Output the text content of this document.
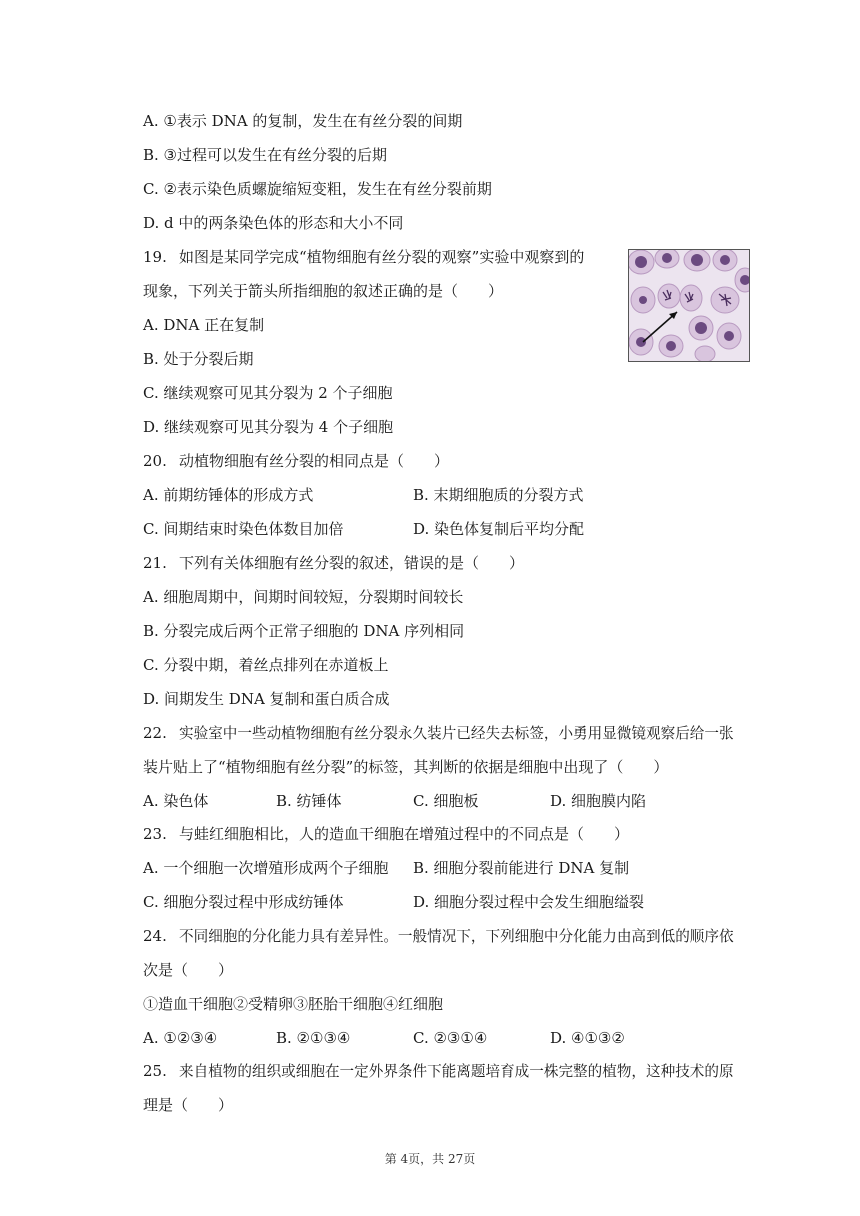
A. ①表示 DNA 的复制，发生在有丝分裂的间期
B. ③过程可以发生在有丝分裂的后期
C. ②表示染色质螺旋缩短变粗，发生在有丝分裂前期
D. d 中的两条染色体的形态和大小不同
19. 如图是某同学完成“植物细胞有丝分裂的观察”实验中观察到的
现象，下列关于箭头所指细胞的叙述正确的是（　　）
A. DNA 正在复制
B. 处于分裂后期
C. 继续观察可见其分裂为 2 个子细胞
D. 继续观察可见其分裂为 4 个子细胞
20. 动植物细胞有丝分裂的相同点是（　　）
A. 前期纺锤体的形成方式	B. 末期细胞质的分裂方式
C. 间期结束时染色体数目加倍	D. 染色体复制后平均分配
21. 下列有关体细胞有丝分裂的叙述，错误的是（　　）
A. 细胞周期中，间期时间较短，分裂期时间较长
B. 分裂完成后两个正常子细胞的 DNA 序列相同
C. 分裂中期，着丝点排列在赤道板上
D. 间期发生 DNA 复制和蛋白质合成
22. 实验室中一些动植物细胞有丝分裂永久装片已经失去标签，小勇用显微镜观察后给一张
装片贴上了“植物细胞有丝分裂”的标签，其判断的依据是细胞中出现了（　　）
A. 染色体	B. 纺锤体	C. 细胞板	D. 细胞膜内陷
23. 与蛙红细胞相比，人的造血干细胞在增殖过程中的不同点是（　　）
A. 一个细胞一次增殖形成两个子细胞 B. 细胞分裂前能进行 DNA 复制
C. 细胞分裂过程中形成纺锤体	D. 细胞分裂过程中会发生细胞缢裂
24. 不同细胞的分化能力具有差异性。一般情况下，下列细胞中分化能力由高到低的顺序依
次是（　　）
①造血干细胞②受精卵③胚胎干细胞④红细胞
A. ①②③④	B. ②①③④	C. ②③①④	D. ④①③②
25. 来自植物的组织或细胞在一定外界条件下能离题培育成一株完整的植物，这种技术的原
理是（　　）
第 4页，共 27页
